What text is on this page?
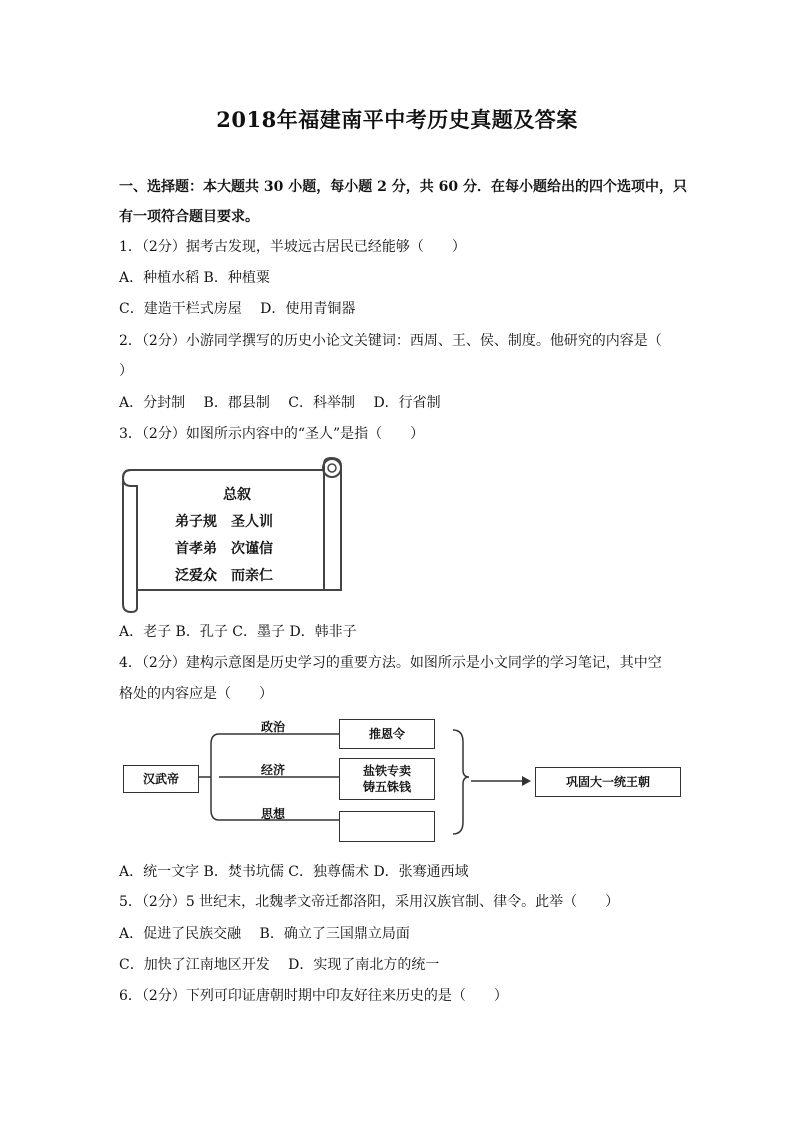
2018年福建南平中考历史真题及答案
一、选择题：本大题共 30 小题，每小题 2 分，共 60 分．在每小题给出的四个选项中，只
有一项符合题目要求。
1．（2分）据考古发现，半坡远古居民已经能够（　　）
A．种植水稻 B．种植粟
C．建造干栏式房屋　 D．使用青铜器
2．（2分）小游同学撰写的历史小论文关键词：西周、王、侯、制度。他研究的内容是（
）
A．分封制　 B．郡县制　 C．科举制　 D．行省制
3．（2分）如图所示内容中的“圣人”是指（　　）
总叙
弟子规　圣人训
首孝弟　次谨信
泛爱众　而亲仁
A．老子 B．孔子 C．墨子 D．韩非子
4．（2分）建构示意图是历史学习的重要方法。如图所示是小文同学的学习笔记，其中空
格处的内容应是（　　）
汉武帝
政治
经济
思想
推恩令
盐铁专卖
铸五铢钱	巩固大一统王朝
A．统一文字 B．焚书坑儒 C．独尊儒术 D．张骞通西域
5．（2分）5 世纪末，北魏孝文帝迁都洛阳，采用汉族官制、律令。此举（　　）
A．促进了民族交融　 B．确立了三国鼎立局面
C．加快了江南地区开发　 D．实现了南北方的统一
6．（2分）下列可印证唐朝时期中印友好往来历史的是（　　）
